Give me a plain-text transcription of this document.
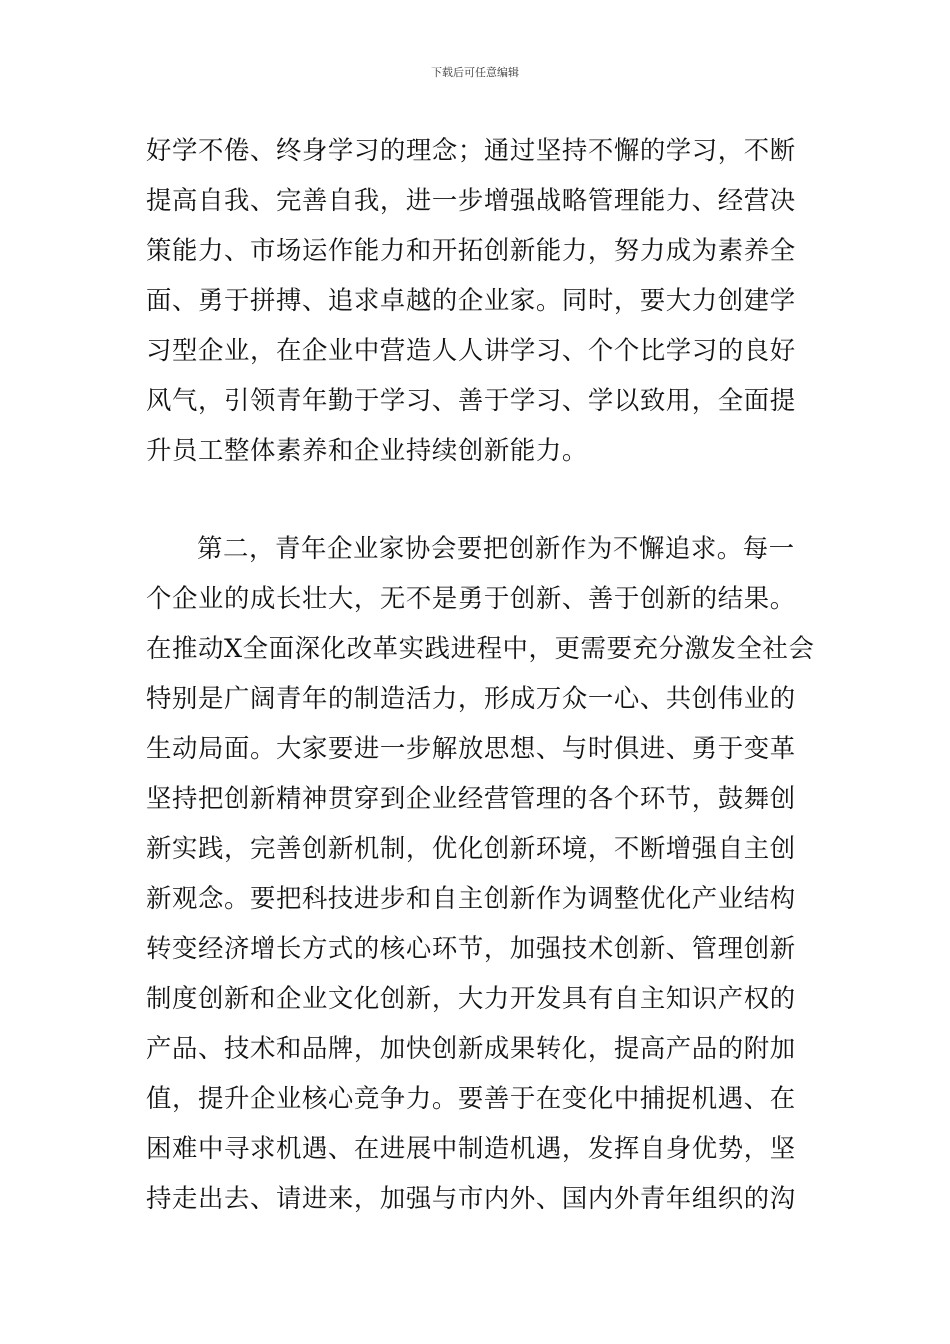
下载后可任意编辑
好学不倦、终身学习的理念；通过坚持不懈的学习，不断
提高自我、完善自我，进一步增强战略管理能力、经营决
策能力、市场运作能力和开拓创新能力，努力成为素养全
面、勇于拼搏、追求卓越的企业家。同时，要大力创建学
习型企业，在企业中营造人人讲学习、个个比学习的良好
风气，引领青年勤于学习、善于学习、学以致用，全面提
升员工整体素养和企业持续创新能力。
第二，青年企业家协会要把创新作为不懈追求。每一
个企业的成长壮大，无不是勇于创新、善于创新的结果。
在推动X全面深化改革实践进程中，更需要充分激发全社会
特别是广阔青年的制造活力，形成万众一心、共创伟业的
生动局面。大家要进一步解放思想、与时俱进、勇于变革
坚持把创新精神贯穿到企业经营管理的各个环节，鼓舞创
新实践，完善创新机制，优化创新环境，不断增强自主创
新观念。要把科技进步和自主创新作为调整优化产业结构
转变经济增长方式的核心环节，加强技术创新、管理创新
制度创新和企业文化创新，大力开发具有自主知识产权的
产品、技术和品牌，加快创新成果转化，提高产品的附加
值，提升企业核心竞争力。要善于在变化中捕捉机遇、在
困难中寻求机遇、在进展中制造机遇，发挥自身优势，坚
持走出去、请进来，加强与市内外、国内外青年组织的沟
